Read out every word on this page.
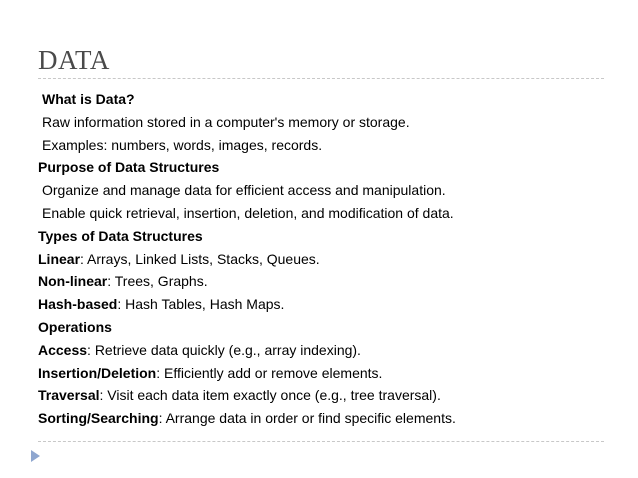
DATA
What is Data?
Raw information stored in a computer's memory or storage.
Examples: numbers, words, images, records.
Purpose of Data Structures
Organize and manage data for efficient access and manipulation.
Enable quick retrieval, insertion, deletion, and modification of data.
Types of Data Structures
Linear: Arrays, Linked Lists, Stacks, Queues.
Non-linear: Trees, Graphs.
Hash-based: Hash Tables, Hash Maps.
Operations
Access: Retrieve data quickly (e.g., array indexing).
Insertion/Deletion: Efficiently add or remove elements.
Traversal: Visit each data item exactly once (e.g., tree traversal).
Sorting/Searching: Arrange data in order or find specific elements.
